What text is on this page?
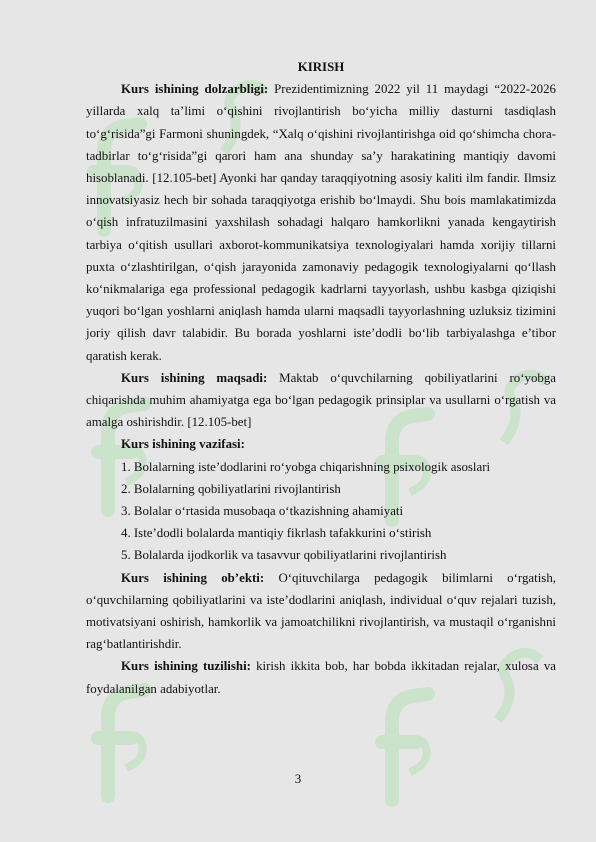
KIRISH

Kurs ishining dolzarbligi: Prezidentimizning 2022 yil 11 maydagi “2022-2026 yillarda xalq ta’limi o‘qishini rivojlantirish bo‘yicha milliy dasturni tasdiqlash to‘g‘risida”gi Farmoni shuningdek, “Xalq o‘qishini rivojlantirishga oid qo‘shimcha chora-tadbirlar to‘g‘risida”gi qarori ham ana shunday sa’y harakatining mantiqiy davomi hisoblanadi. [12.105-bet] Ayonki har qanday taraqqiyotning asosiy kaliti ilm fandir. Ilmsiz innovatsiyasiz hech bir sohada taraqqiyotga erishib bo‘lmaydi. Shu bois mamlakatimizda o‘qish infratuzilmasini yaxshilash sohadagi halqaro hamkorlikni yanada kengaytirish tarbiya o‘qitish usullari axborot-kommunikatsiya texnologiyalari hamda xorijiy tillarni puxta o‘zlashtirilgan, o‘qish jarayonida zamonaviy pedagogik texnologiyalarni qo‘llash ko‘nikmalariga ega professional pedagogik kadrlarni tayyorlash, ushbu kasbga qiziqishi yuqori bo‘lgan yoshlarni aniqlash hamda ularni maqsadli tayyorlashning uzluksiz tizimini joriy qilish davr talabidir. Bu borada yoshlarni iste’dodli bo‘lib tarbiyalashga e’tibor qaratish kerak.

Kurs ishining maqsadi: Maktab o‘quvchilarning qobiliyatlarini ro‘yobga chiqarishda muhim ahamiyatga ega bo‘lgan pedagogik prinsiplar va usullarni o‘rgatish va amalga oshirishdir. [12.105-bet]

Kurs ishining vazifasi:

1. Bolalarning iste’dodlarini ro‘yobga chiqarishning psixologik asoslari

2. Bolalarning qobiliyatlarini rivojlantirish

3. Bolalar o‘rtasida musobaqa o‘tkazishning ahamiyati

4. Iste’dodli bolalarda mantiqiy fikrlash tafakkurini o‘stirish

5. Bolalarda ijodkorlik va tasavvur qobiliyatlarini rivojlantirish

Kurs ishining ob’ekti: O‘qituvchilarga pedagogik bilimlarni o‘rgatish, o‘quvchilarning qobiliyatlarini va iste’dodlarini aniqlash, individual o‘quv rejalari tuzish, motivatsiyani oshirish, hamkorlik va jamoatchilikni rivojlantirish, va mustaqil o‘rganishni rag‘batlantirishdir.

Kurs ishining tuzilishi: kirish ikkita bob, har bobda ikkitadan rejalar, xulosa va foydalanilgan adabiyotlar.

3
